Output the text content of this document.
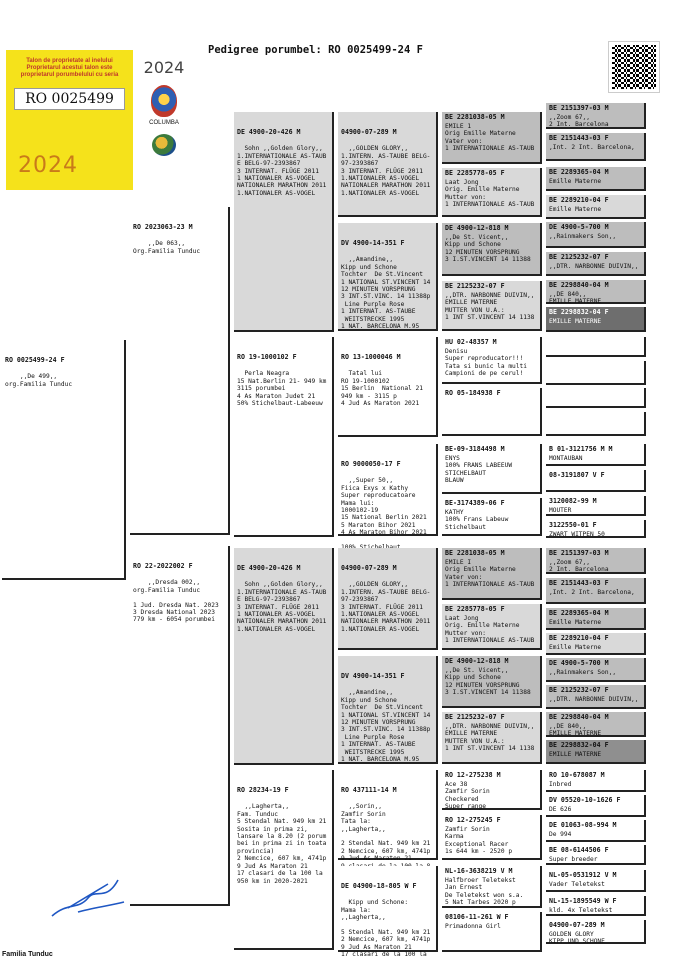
Pedigree porumbel: RO 0025499-24 F
Talon de proprietate al inelului
Proprietarul acestui talon este
proprietarul porumbelului cu seria
RO 0025499
2024
2024
COLUMBA

RO 0025499-24 F

,,De 499,,
org.Familia Tunduc

RO 2023063-23 M

,,De 063,,
Org.Familia Tunduc

RO 22-2022002 F

,,Dresda 002,,
org.Familia Tunduc

1 Jud. Dresda Nat. 2023
3 Dresda National 2023
779 km - 6054 porumbei

DE 4900-20-426 M

Sohn ,,Golden Glory,,
1.INTERNATIONALE AS-TAUB
E BELG-97-2393867
3 INTERNAT. FLÜGE 2011
1 NATIONALER AS-VOGEL
NATIONALER MARATHON 2011
1.NATIONALER AS-VOGEL

RO 19-1000102 F

Perla Neagra
15 Nat.Berlin 21- 949 km
3115 porumbei
4 As Maraton Judet 21
50% Stichelbaut-Labeeuw

DE 4900-20-426 M

Sohn ,,Golden Glory,,
1.INTERNATIONALE AS-TAUB
E BELG-97-2393867
3 INTERNAT. FLÜGE 2011
1 NATIONALER AS-VOGEL
NATIONALER MARATHON 2011
1.NATIONALER AS-VOGEL

RO 28234-19 F

,,Lagherta,,
Fam. Tunduc
5 Stendal Nat. 949 km 21
Sosita in prima zi,
lansare la 8.20 (2 porum
bei in prima zi in toata
provincia)
2 Nemcice, 607 km, 4741p
9 Jud As Maraton 21
17 clasari de la 100 la
950 km in 2020-2021

04900-07-289 M

,,GOLDEN GLORY,,
1.INTERN. AS-TAUBE BELG-
97-2393867
3 INTERNAT. FLÜGE 2011
1.NATIONALER AS-VOGEL
NATIONALER MARATHON 2011
1.NATIONALER AS-VOGEL

DV 4900-14-351 F

,,Amandine,,
Kipp und Schone
Tochter  De St.Vincent
1 NATIONAL ST.VINCENT 14
12 MINUTEN VORSPRUNG
3 INT.ST.VINC. 14 11388p
Line Purple Rose
1 INTERNAT. AS-TAUBE
WEITSTRECKE 1995
1 NAT. BARCELONA M.95

RO 13-1000046 M

Tatal lui
RO 19-1000102
15 Berlin  National 21
949 km - 3115 p
4 Jud As Maraton 2021

RO 9000050-17 F

,,Super 50,,
Fiica Exys x Kathy
Super reproducatoare
Mama lui:
1000102-19
15 National Berlin 2021
5 Maraton Bihor 2021
4 As Maraton Bihor 2021

04900-07-289 M

,,GOLDEN GLORY,,
1.INTERN. AS-TAUBE BELG-
97-2393867
3 INTERNAT. FLÜGE 2011
1.NATIONALER AS-VOGEL
NATIONALER MARATHON 2011
1.NATIONALER AS-VOGEL

DV 4900-14-351 F

,,Amandine,,
Kipp und Schone
Tochter  De St.Vincent
1 NATIONAL ST.VINCENT 14
12 MINUTEN VORSPRUNG
3 INT.ST.VINC. 14 11388p
Line Purple Rose
1 INTERNAT. AS-TAUBE
WEITSTRECKE 1995
1 NAT. BARCELONA M.95

RO 437111-14 M

,,Sorin,,
Zamfir Sorin
Tata la:
,,Lagherta,,

2 Stendal Nat. 949 km 21
2 Nemcice, 607 km, 4741p
9 Jud As Maraton 21

DE 04900-18-805 W F

Kipp und Schone:
Mama la:
,,Lagherta,,

5 Stendal Nat. 949 km 21
2 Nemcice, 607 km, 4741p
9 Jud As Maraton 21
17 clasari de la 100 la

BE 2281038-05 M
EMILE 1
Orig Emille Materne
Vater von:
1 INTERNATIONALE AS-TAUB
BE 2285778-05 F
Laat Jong
Orig. Emille Materne
Mutter von:
1 INTERNATIONALE AS-TAUB
DE 4900-12-818 M
,,De St. Vicent,,
Kipp und Schone
12 MINUTEN VORSPRUNG
3 I.ST.VINCENT 14 11388
BE 2125232-07 F
,,DTR. NARBONNE DUIVIN,,
EMILLE MATERNE
MUTTER VON U.A.:
1 INT ST.VINCENT 14 1138
HU 02-48357 M
Denisu
Super reproducator!!!
Tata si bunic la multi
Campioni de pe cerul!
RO 05-184938 F
BE-09-3184498 M
ENYS
100% FRANS LABEEUW
STICHELBAUT
BLAUW
BE-3174389-06 F
KATHY
100% Frans Labeuw
Stichelbaut
BE 2281038-05 M
EMILE I
Orig Emille Materne
Vater von:
1 INTERNATIONALE AS-TAUB
BE 2285778-05 F
Laat Jong
Orig. Emille Materne
Mutter von:
1 INTERNATIONALE AS-TAUB
DE 4900-12-818 M
,,De St. Vicent,,
Kipp und Schone
12 MINUTEN VORSPRUNG
3 I.ST.VINCENT 14 11388
BE 2125232-07 F
,,DTR. NARBONNE DUIVIN,,
EMILLE MATERNE
MUTTER VON U.A.:
1 INT ST.VINCENT 14 1138
RO 12-275238 M
Ace 38
Zamfir Sorin
Checkered
Super range
RO 12-275245 F
Zamfir Sorin
Karma
Exceptional Racer
1s 644 km - 2520 p
NL-16-3638219 V M
Halfbroer Teletekst
Jan Ernest
De Teletekst won s.a.
5 Nat Tarbes 2020 p
08106-11-261 W F
Primadonna Girl
BE 2151397-03 M
,,Zoom 67,,
2 Int. Barcelona
BE 2151443-03 F
,Int. 2 Int. Barcelona,
BE 2289365-04 M
Emille Materne
BE 2289210-04 F
Emille Materne
DE 4900-5-700 M
,,Rainmakers Son,,

BE 2125232-07 F
,,DTR. NARBONNE DUIVIN,,
BE 2298840-04 M
,,DE 840,,
EMILLE MATERNE
BE 2298832-04 F
EMILLE MATERNE
B 01-3121756 M M
MONTAUBAN

08-3191807 V F
3120082-99 M
MOUTER
3122550-01 F
ZWART WITPEN 50
BE 2151397-03 M
,,Zoom 67,,
2 Int. Barcelona
BE 2151443-03 F
,Int. 2 Int. Barcelona,
BE 2289365-04 M
Emille Materne
BE 2289210-04 F
Emille Materne
DE 4900-5-700 M
,,Rainmakers Son,,
BE 2125232-07 F
,,DTR. NARBONNE DUIVIN,,
BE 2298840-04 M
,,DE 840,,
EMILLE MATERNE
BE 2298832-04 F
EMILLE MATERNE
RO 10-678087 M
Inbred
DV 05520-10-1626 F
DE 626
DE 01063-08-994 M
De 994
BE 08-6144506 F
Super breeder
NL-05-0531912 V M
Vader Teletekst
NL-15-1895549 W F
kld. 4x Teletekst
04900-07-289 M
GOLDEN GLORY
KIPP UND SCHONE
Familia Tunduc
